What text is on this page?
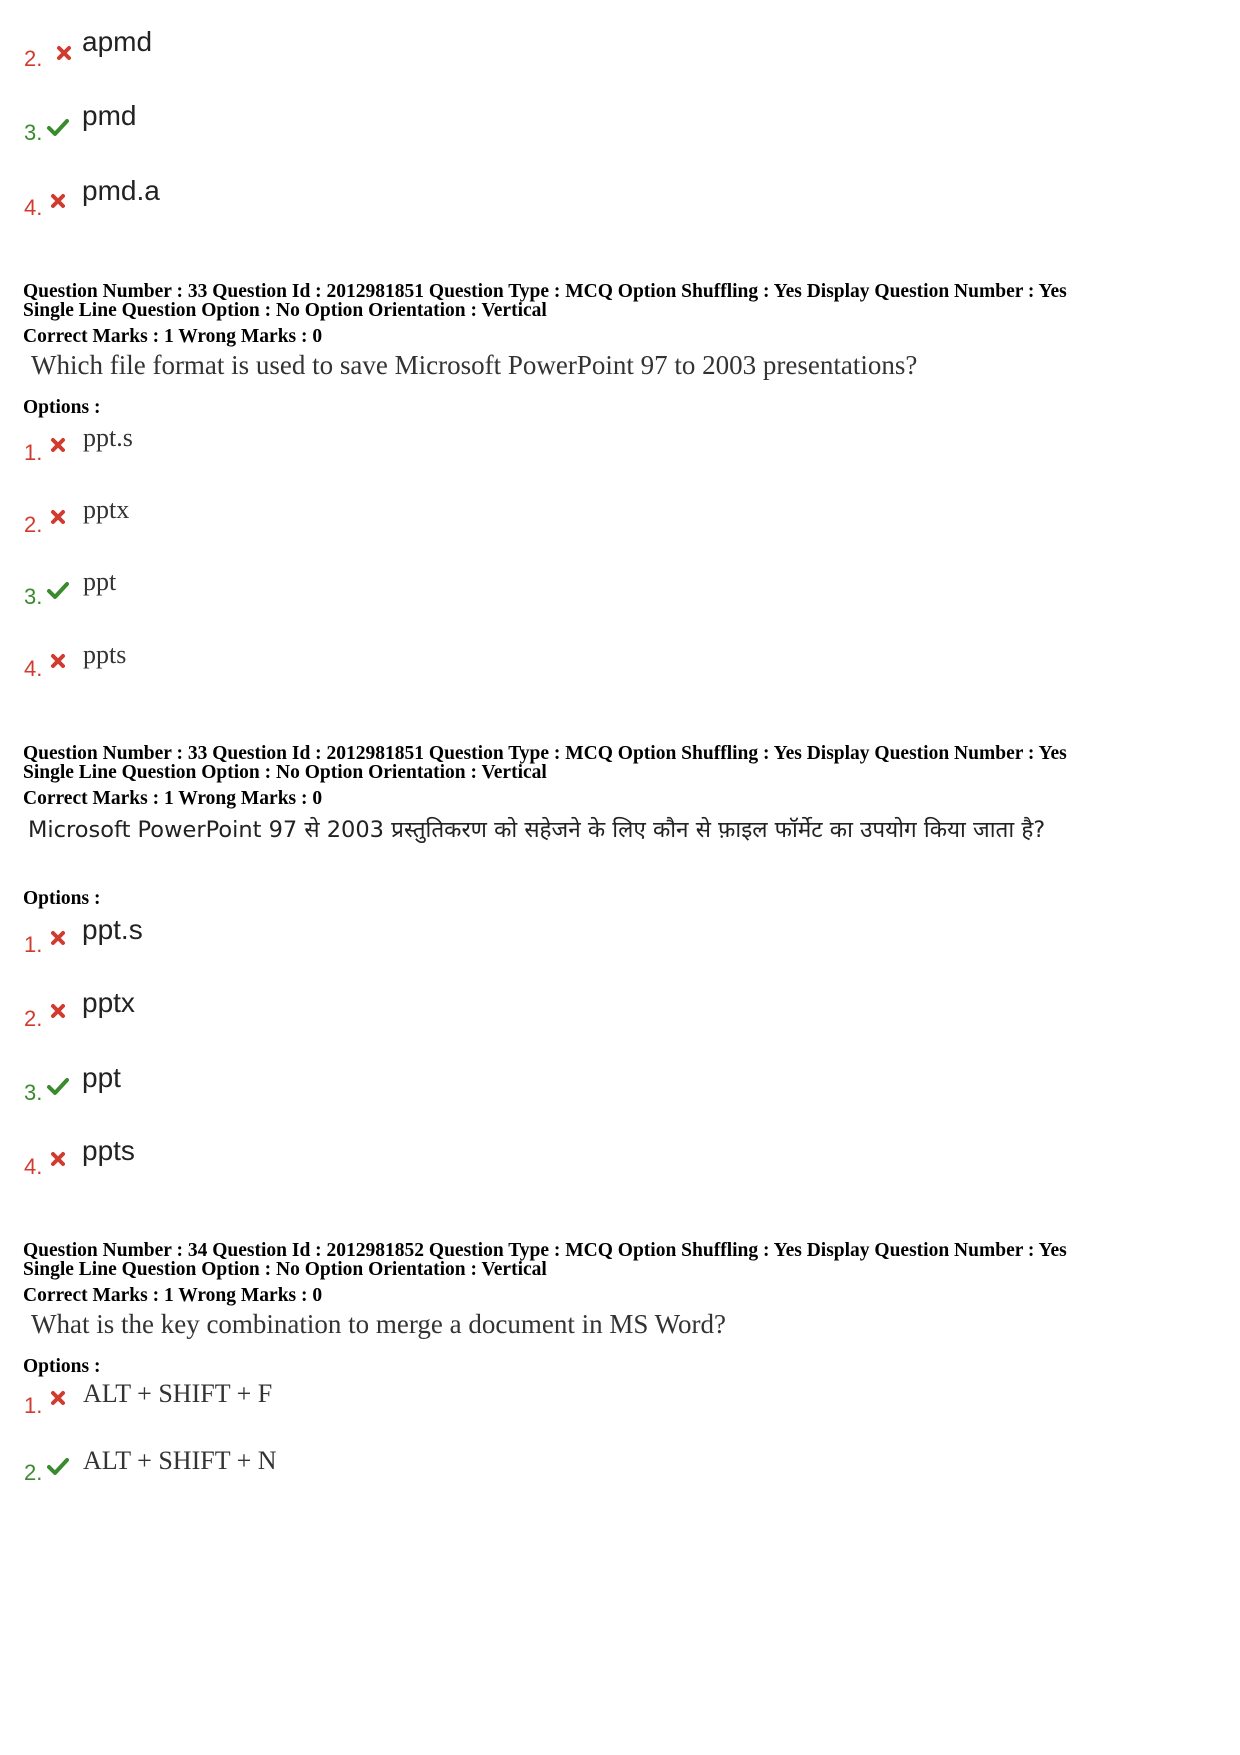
2.
apmd
3.
pmd
4.
pmd.a
Question Number : 33 Question Id : 2012981851 Question Type : MCQ Option Shuffling : Yes Display Question Number : Yes
Single Line Question Option : No Option Orientation : Vertical
Correct Marks : 1 Wrong Marks : 0
Which file format is used to save Microsoft PowerPoint 97 to 2003 presentations?
Options :
1.
ppt.s
2.
pptx
3.
ppt
4. ppts
Question Number : 33 Question Id : 2012981851 Question Type : MCQ Option Shuffling : Yes Display Question Number : Yes
Single Line Question Option : No Option Orientation : Vertical
Correct Marks : 1 Wrong Marks : 0
Microsoft PowerPoint 97 से 2003 प्रस्तुतिकरण को सहेजने के लिए कौन से फ़ाइल फॉर्मेट का उपयोग किया जाता है?
Options :
1. ppt.s
2.
pptx
3. ppt
4.
ppts
Question Number : 34 Question Id : 2012981852 Question Type : MCQ Option Shuffling : Yes Display Question Number : Yes
Single Line Question Option : No Option Orientation : Vertical
Correct Marks : 1 Wrong Marks : 0
What is the key combination to merge a document in MS Word?
Options :
1. ALT + SHIFT + F
2. ALT + SHIFT + N
